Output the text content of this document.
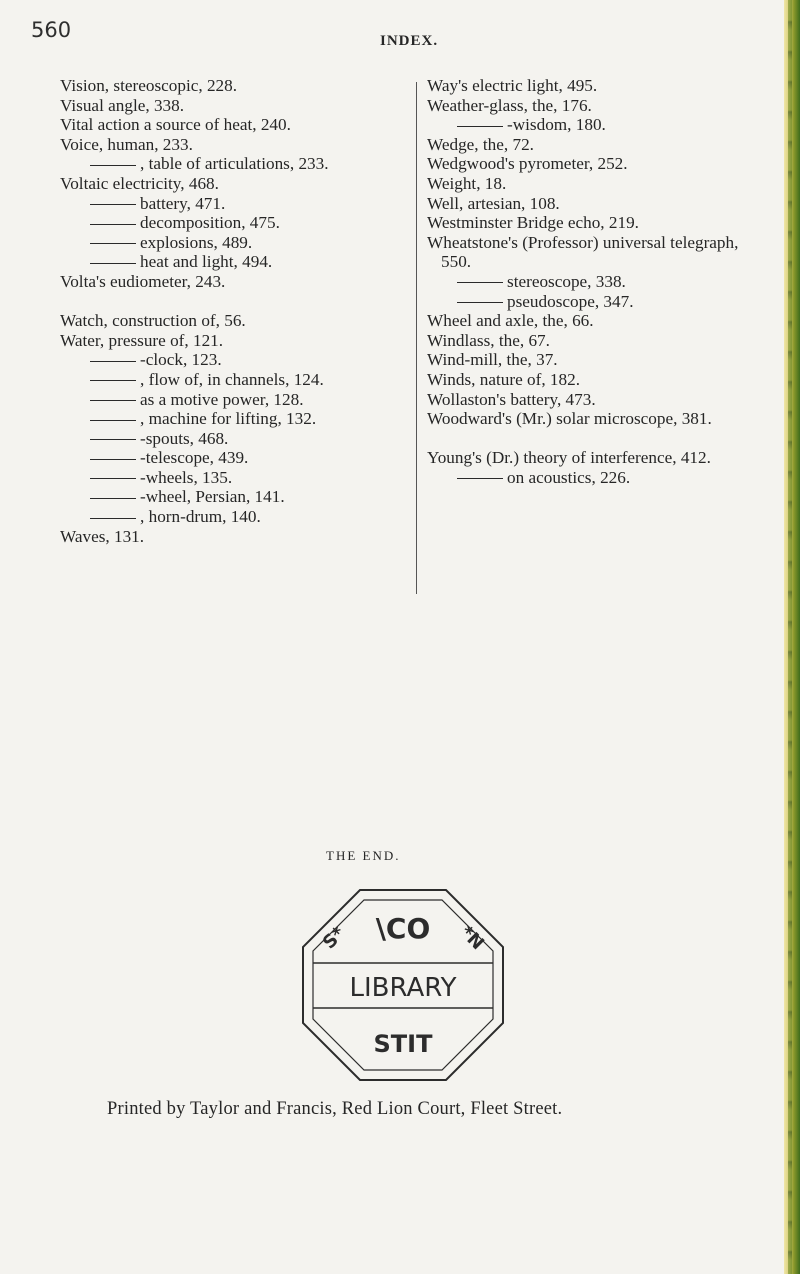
560	INDEX.
Vision, stereoscopic, 228.
Visual angle, 338.
Vital action a source of heat, 240.
Voice, human, 233.
, table of articulations, 233.
Voltaic electricity, 468.
battery, 471.
decomposition, 475.
explosions, 489.
heat and light, 494.
Volta's eudiometer, 243.
Watch, construction of, 56.
Water, pressure of, 121.
-clock, 123.
, flow of, in channels, 124.
as a motive power, 128.
, machine for lifting, 132.
-spouts, 468.
-telescope, 439.
-wheels, 135.
-wheel, Persian, 141.
, horn-drum, 140.
Waves, 131.
Way's electric light, 495.
Weather-glass, the, 176.
-wisdom, 180.
Wedge, the, 72.
Wedgwood's pyrometer, 252.
Weight, 18.
Well, artesian, 108.
Westminster Bridge echo, 219.
Wheatstone's (Professor) universal telegraph, 550.
stereoscope, 338.
pseudoscope, 347.
Wheel and axle, the, 66.
Windlass, the, 67.
Wind-mill, the, 37.
Winds, nature of, 182.
Wollaston's battery, 473.
Woodward's (Mr.) solar microscope, 381.
Young's (Dr.) theory of interference, 412.
on acoustics, 226.
THE END.
\CO
S*	*N
LIBRARY
STIT
Printed by Taylor and Francis, Red Lion Court, Fleet Street.
